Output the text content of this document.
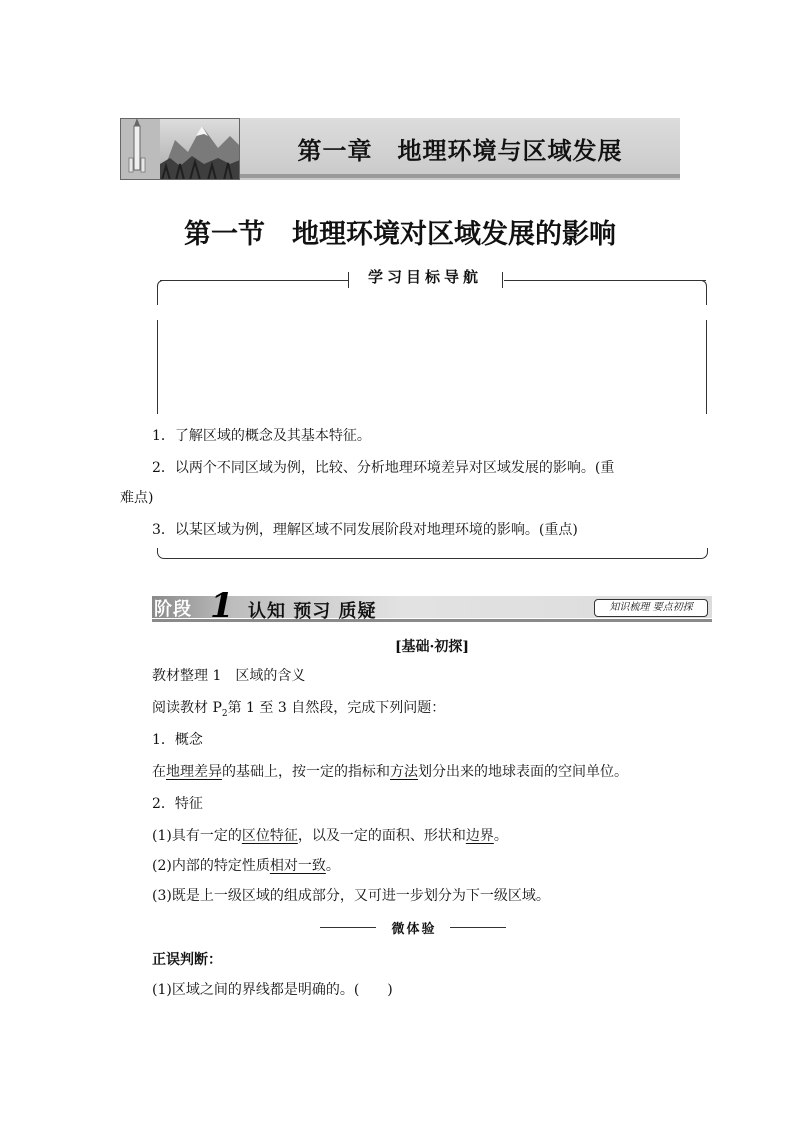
第一章　地理环境与区域发展
第一节　地理环境对区域发展的影响
学习目标导航
1．了解区域的概念及其基本特征。
2．以两个不同区域为例，比较、分析地理环境差异对区域发展的影响。(重
难点)
3．以某区域为例，理解区域不同发展阶段对地理环境的影响。(重点)
阶段 1 认知 预习 质疑	知识梳理 要点初探
[基础·初探]
教材整理 1　区域的含义
阅读教材 $P_2$第 1 至 3 自然段，完成下列问题：
1．概念
在地理差异的基础上，按一定的指标和方法划分出来的地球表面的空间单位。
2．特征
(1)具有一定的区位特征，以及一定的面积、形状和边界。
(2)内部的特定性质相对一致。
(3)既是上一级区域的组成部分，又可进一步划分为下一级区域。
微体验
正误判断：
(1)区域之间的界线都是明确的。(　　)
